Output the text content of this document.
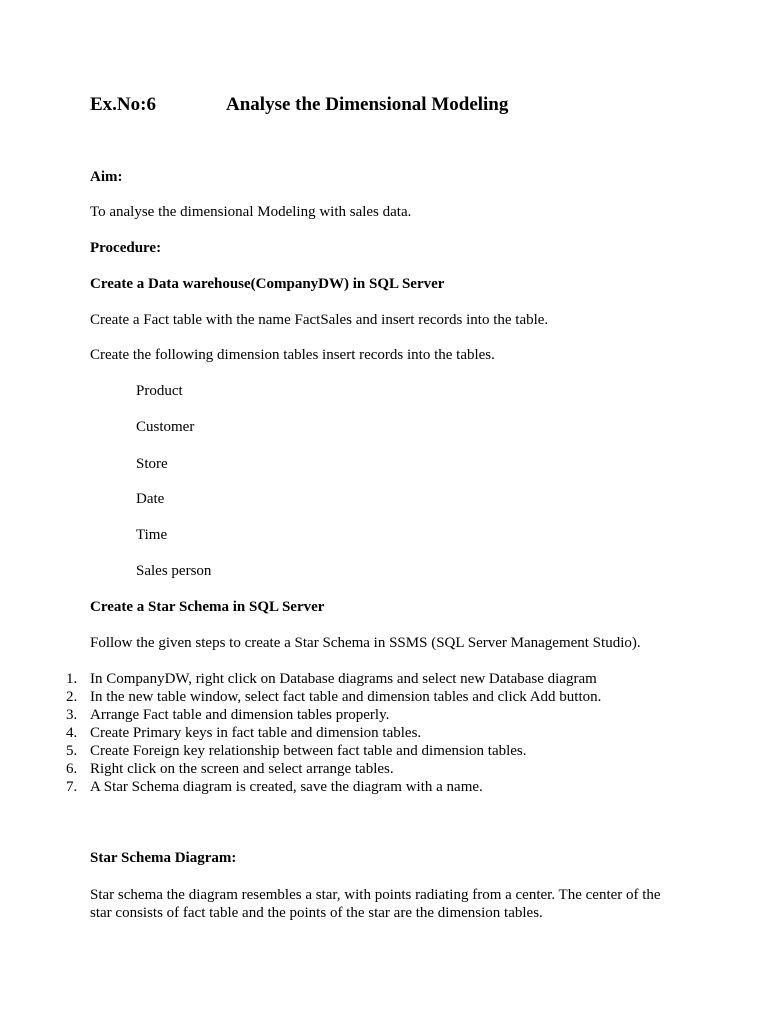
Ex.No:6	Analyse the Dimensional Modeling
Aim:
To analyse the dimensional Modeling with sales data.
Procedure:
Create a Data warehouse(CompanyDW) in SQL Server
Create a Fact table with the name FactSales and insert records into the table.
Create the following dimension tables insert records into the tables.
Product
Customer
Store
Date
Time
Sales person
Create a Star Schema in SQL Server
Follow the given steps to create a Star Schema in SSMS (SQL Server Management Studio).
1. In CompanyDW, right click on Database diagrams and select new Database diagram
2. In the new table window, select fact table and dimension tables and click Add button.
3. Arrange Fact table and dimension tables properly.
4. Create Primary keys in fact table and dimension tables.
5. Create Foreign key relationship between fact table and dimension tables.
6. Right click on the screen and select arrange tables.
7. A Star Schema diagram is created, save the diagram with a name.
Star Schema Diagram:
Star schema the diagram resembles a star, with points radiating from a center. The center of the star consists of fact table and the points of the star are the dimension tables.
